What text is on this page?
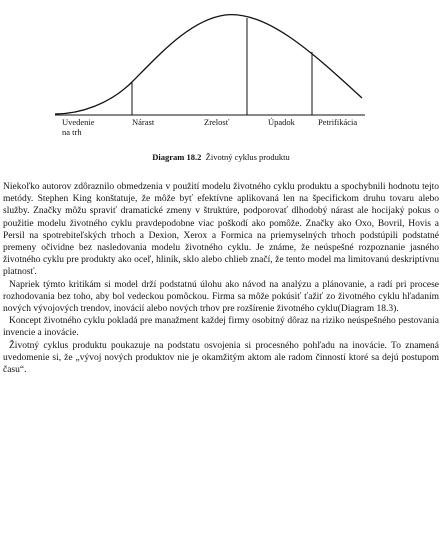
Uvedenie
na trh
Nárast	Zrelosť	Úpadok	Petrifikácia
Diagram 18.2 Životný cyklus produktu

Niekoľko autorov zdôraznilo obmedzenia v použití modelu životného cyklu produktu a spochybnili hodnotu tejto metódy. Stephen King konštatuje, že môže byť efektívne aplikovaná len na špecifickom druhu tovaru alebo služby. Značky môžu spraviť dramatické zmeny v štruktúre, podporovať dlhodobý nárast ale hocijaký pokus o použitie modelu životného cyklu pravdepodobne viac poškodí ako pomôže. Značky ako Oxo, Bovril, Hovis a Persil na spotrebiteľských trhoch a Dexion, Xerox a Formica na priemyselných trhoch podstúpili podstatné premeny očividne bez nasledovania modelu životného cyklu. Je známe, že neúspešné rozpoznanie jasného životného cyklu pre produkty ako oceľ, hliník, sklo alebo chlieb značí, že tento model ma limitovanú deskriptívnu platnosť.

Napriek týmto kritikám si model drží podstatnú úlohu ako návod na analýzu a plánovanie, a radí pri procese rozhodovania bez toho, aby bol vedeckou pomôckou. Firma sa môže pokúsiť ťažiť zo životného cyklu hľadaním nových vývojových trendov, inovácií alebo nových trhov pre rozšírenie životného cyklu(Diagram 18.3).

Koncept životného cyklu pokladá pre manažment každej firmy osobitný dôraz na riziko neúspešného pestovania invencie a inovácie.

Životný cyklus produktu poukazuje na podstatu osvojenia si procesného pohľadu na inovácie. To znamená uvedomenie si, že „vývoj nových produktov nie je okamžitým aktom ale radom činností ktoré sa dejú postupom času“.
